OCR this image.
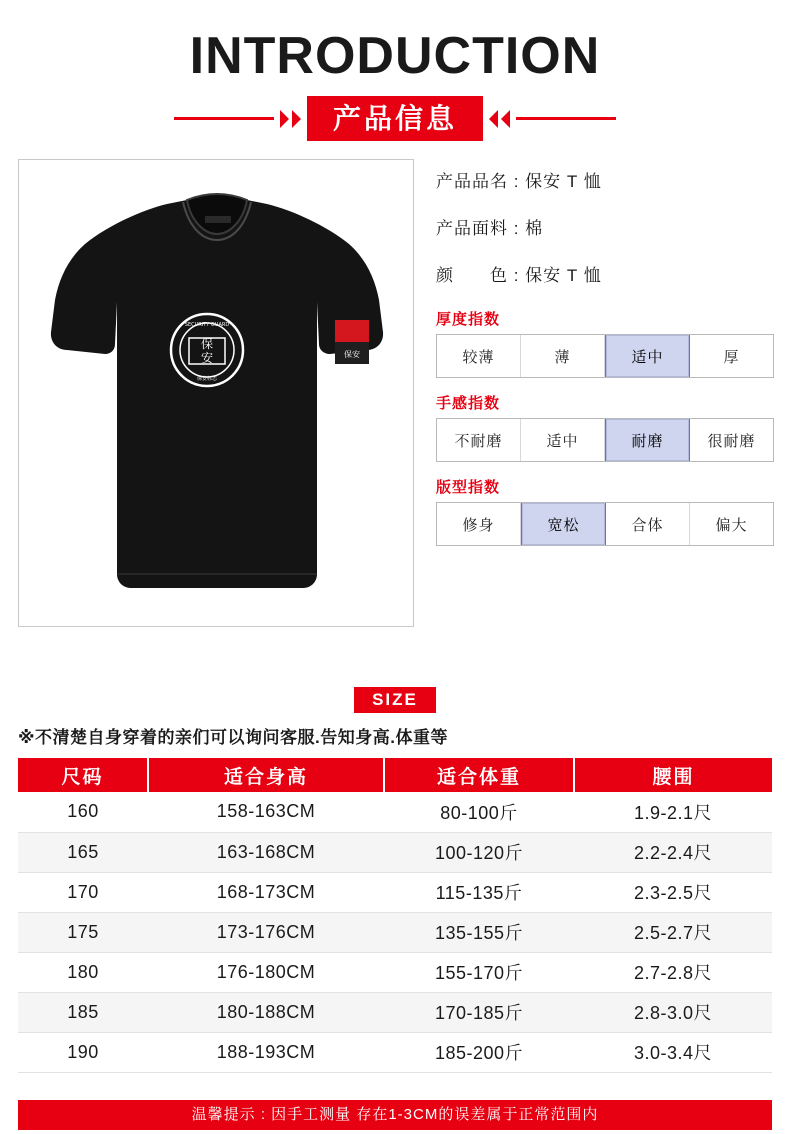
INTRODUCTION
产品信息
保
安
SECURITY GUARD
保安标志
保安
产品品名 : 保安 T 恤
产品面料 : 棉
颜　　色 : 保安 T 恤
厚度指数
较薄	薄	适中	厚
手感指数
不耐磨	适中	耐磨	很耐磨
版型指数
修身	宽松	合体	偏大
SIZE
※不清楚自身穿着的亲们可以询问客服.告知身高.体重等
尺码	适合身高	适合体重	腰围
160	158-163CM	80-100斤	1.9-2.1尺
165	163-168CM	100-120斤	2.2-2.4尺
170	168-173CM	115-135斤	2.3-2.5尺
175	173-176CM	135-155斤	2.5-2.7尺
180	176-180CM	155-170斤	2.7-2.8尺
185	180-188CM	170-185斤	2.8-3.0尺
190	188-193CM	185-200斤	3.0-3.4尺
温馨提示 : 因手工测量 存在1-3CM的误差属于正常范围内
